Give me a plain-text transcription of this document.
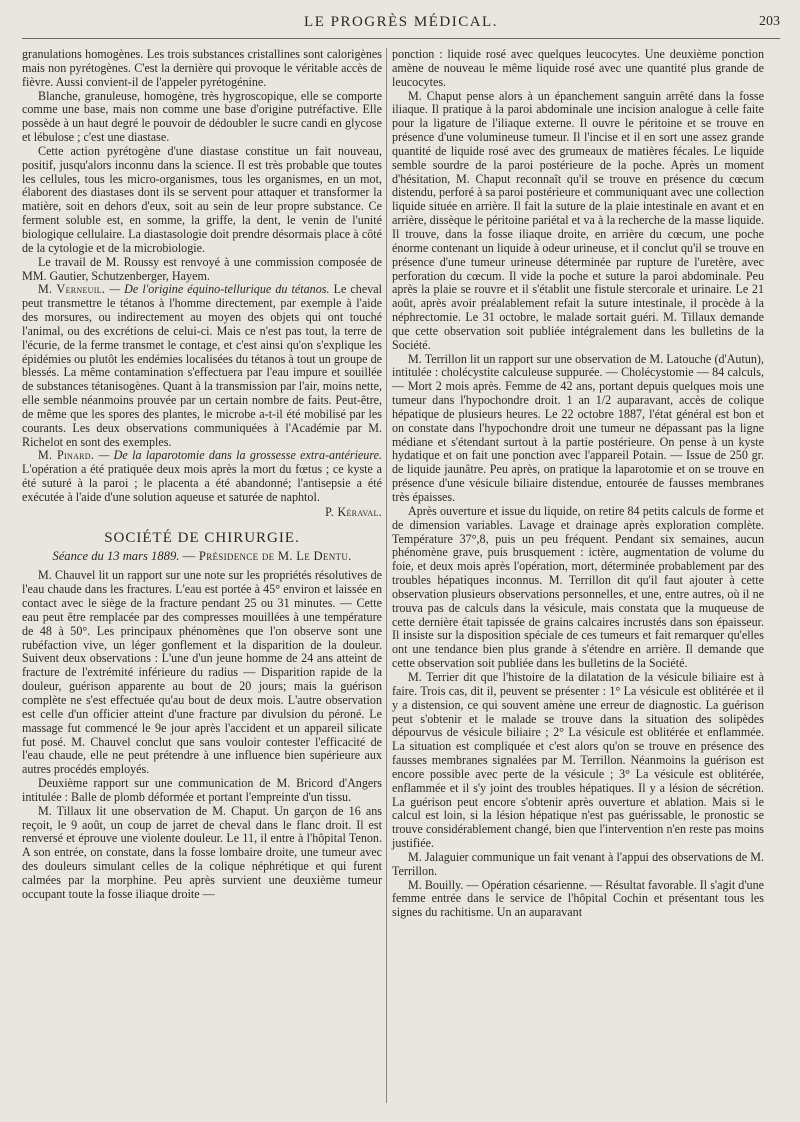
LE PROGRÈS MÉDICAL.	203

granulations homogènes. Les trois substances cristallines sont calorigènes mais non pyrétogènes. C'est la dernière qui provoque le véritable accès de fièvre. Aussi convient-il de l'appeler pyrétogénine.

Blanche, granuleuse, homogène, très hygroscopique, elle se comporte comme une base, mais non comme une base d'origine putréfactive. Elle possède à un haut degré le pouvoir de dédoubler le sucre candi en glycose et lébulose ; c'est une diastase.

Cette action pyrétogène d'une diastase constitue un fait nouveau, positif, jusqu'alors inconnu dans la science. Il est très probable que toutes les cellules, tous les micro-organismes, tous les organismes, en un mot, élaborent des diastases dont ils se servent pour attaquer et transformer la matière, soit en dehors d'eux, soit au sein de leur propre substance. Ce ferment soluble est, en somme, la griffe, la dent, le venin de l'unité biologique cellulaire. La diastasologie doit prendre désormais place à côté de la cytologie et de la microbiologie.

Le travail de M. Roussy est renvoyé à une commission composée de MM. Gautier, Schutzenberger, Hayem.

M. Verneuil. — De l'origine équino-tellurique du tétanos. Le cheval peut transmettre le tétanos à l'homme directement, par exemple à l'aide des morsures, ou indirectement au moyen des objets qui ont touché l'animal, ou des excrétions de celui-ci. Mais ce n'est pas tout, la terre de l'écurie, de la ferme transmet le contage, et c'est ainsi qu'on s'explique les épidémies ou plutôt les endémies localisées du tétanos à tout un groupe de blessés. La même contamination s'effectuera par l'eau impure et souillée de substances tétanisogènes. Quant à la transmission par l'air, moins nette, elle semble néanmoins prouvée par un certain nombre de faits. Peut-être, de même que les spores des plantes, le microbe a-t-il été mobilisé par les courants. Les deux observations communiquées à l'Académie par M. Richelot en sont des exemples.

M. Pinard. — De la laparotomie dans la grossesse extra-antérieure. L'opération a été pratiquée deux mois après la mort du fœtus ; ce kyste a été suturé à la paroi ; le placenta a été abandonné; l'antisepsie a été exécutée à l'aide d'une solution aqueuse et saturée de naphtol.

P. Kéraval.

SOCIÉTÉ DE CHIRURGIE.

Séance du 13 mars 1889. — Présidence de M. Le Dentu.

M. Chauvel lit un rapport sur une note sur les propriétés résolutives de l'eau chaude dans les fractures. L'eau est portée à 45° environ et laissée en contact avec le siège de la fracture pendant 25 ou 31 minutes. — Cette eau peut être remplacée par des compresses mouillées à une température de 48 à 50°. Les principaux phénomènes que l'on observe sont une rubéfaction vive, un léger gonflement et la disparition de la douleur. Suivent deux observations : L'une d'un jeune homme de 24 ans atteint de fracture de l'extrémité inférieure du radius — Disparition rapide de la douleur, guérison apparente au bout de 20 jours; mais la guérison complète ne s'est effectuée qu'au bout de deux mois. L'autre observation est celle d'un officier atteint d'une fracture par divulsion du péroné. Le massage fut commencé le 9e jour après l'accident et un appareil silicate fut posé. M. Chauvel conclut que sans vouloir contester l'efficacité de l'eau chaude, elle ne peut prétendre à une influence bien supérieure aux autres procédés employés.

Deuxième rapport sur une communication de M. Bricord d'Angers intitulée : Balle de plomb déformée et portant l'empreinte d'un tissu.

M. Tillaux lit une observation de M. Chaput. Un garçon de 16 ans reçoit, le 9 août, un coup de jarret de cheval dans le flanc droit. Il est renversé et éprouve une violente douleur. Le 11, il entre à l'hôpital Tenon. A son entrée, on constate, dans la fosse lombaire droite, une tumeur avec des douleurs simulant celles de la colique néphrétique et qui furent calmées par la morphine. Peu après survient une deuxième tumeur occupant toute la fosse iliaque droite —

ponction : liquide rosé avec quelques leucocytes. Une deuxième ponction amène de nouveau le même liquide rosé avec une quantité plus grande de leucocytes.

M. Chaput pense alors à un épanchement sanguin arrêté dans la fosse iliaque. Il pratique à la paroi abdominale une incision analogue à celle faite pour la ligature de l'iliaque externe. Il ouvre le péritoine et se trouve en présence d'une volumineuse tumeur. Il l'incise et il en sort une assez grande quantité de liquide rosé avec des grumeaux de matières fécales. Le liquide semble sourdre de la paroi postérieure de la poche. Après un moment d'hésitation, M. Chaput reconnaît qu'il se trouve en présence du cœcum distendu, perforé à sa paroi postérieure et communiquant avec une collection liquide située en arrière. Il fait la suture de la plaie intestinale en avant et en arrière, dissèque le péritoine pariétal et va à la recherche de la masse liquide. Il trouve, dans la fosse iliaque droite, en arrière du cœcum, une poche énorme contenant un liquide à odeur urineuse, et il conclut qu'il se trouve en présence d'une tumeur urineuse déterminée par rupture de l'uretère, avec perforation du cœcum. Il vide la poche et suture la paroi abdominale. Peu après la plaie se rouvre et il s'établit une fistule stercorale et urinaire. Le 21 août, après avoir préalablement refait la suture intestinale, il procède à la néphrectomie. Le 31 octobre, le malade sortait guéri. M. Tillaux demande que cette observation soit publiée intégralement dans les bulletins de la Société.

M. Terrillon lit un rapport sur une observation de M. Latouche (d'Autun), intitulée : cholécystite calculeuse suppurée. — Cholécystomie — 84 calculs, — Mort 2 mois après. Femme de 42 ans, portant depuis quelques mois une tumeur dans l'hypochondre droit. 1 an 1/2 auparavant, accès de colique hépatique de plusieurs heures. Le 22 octobre 1887, l'état général est bon et on constate dans l'hypochondre droit une tumeur ne dépassant pas la ligne médiane et s'étendant surtout à la partie postérieure. On pense à un kyste hydatique et on fait une ponction avec l'appareil Potain. — Issue de 250 gr. de liquide jaunâtre. Peu après, on pratique la laparotomie et on se trouve en présence d'une vésicule biliaire distendue, entourée de fausses membranes très épaisses.

Après ouverture et issue du liquide, on retire 84 petits calculs de forme et de dimension variables. Lavage et drainage après exploration complète. Température 37°,8, puis un peu fréquent. Pendant six semaines, aucun phénomène grave, puis brusquement : ictère, augmentation de volume du foie, et deux mois après l'opération, mort, déterminée probablement par des troubles hépatiques inconnus. M. Terrillon dit qu'il faut ajouter à cette observation plusieurs observations personnelles, et une, entre autres, où il ne trouva pas de calculs dans la vésicule, mais constata que la muqueuse de cette dernière était tapissée de grains calcaires incrustés dans son épaisseur. Il insiste sur la disposition spéciale de ces tumeurs et fait remarquer qu'elles ont une tendance bien plus grande à s'étendre en arrière. Il demande que cette observation soit publiée dans les bulletins de la Société.

M. Terrier dit que l'histoire de la dilatation de la vésicule biliaire est à faire. Trois cas, dit il, peuvent se présenter : 1° La vésicule est oblitérée et il y a distension, ce qui souvent amène une erreur de diagnostic. La guérison peut s'obtenir et le malade se trouve dans la situation des solipèdes dépourvus de vésicule biliaire ; 2° La vésicule est oblitérée et enflammée. La situation est compliquée et c'est alors qu'on se trouve en présence des fausses membranes signalées par M. Terrillon. Néanmoins la guérison est encore possible avec perte de la vésicule ; 3° La vésicule est oblitérée, enflammée et il s'y joint des troubles hépatiques. Il y a lésion de sécrétion. La guérison peut encore s'obtenir après ouverture et ablation. Mais si le calcul est loin, si la lésion hépatique n'est pas guérissable, le pronostic se trouve considérablement changé, bien que l'intervention n'en reste pas moins justifiée.

M. Jalaguier communique un fait venant à l'appui des observations de M. Terrillon.

M. Bouilly. — Opération césarienne. — Résultat favorable. Il s'agit d'une femme entrée dans le service de l'hôpital Cochin et présentant tous les signes du rachitisme. Un an auparavant
